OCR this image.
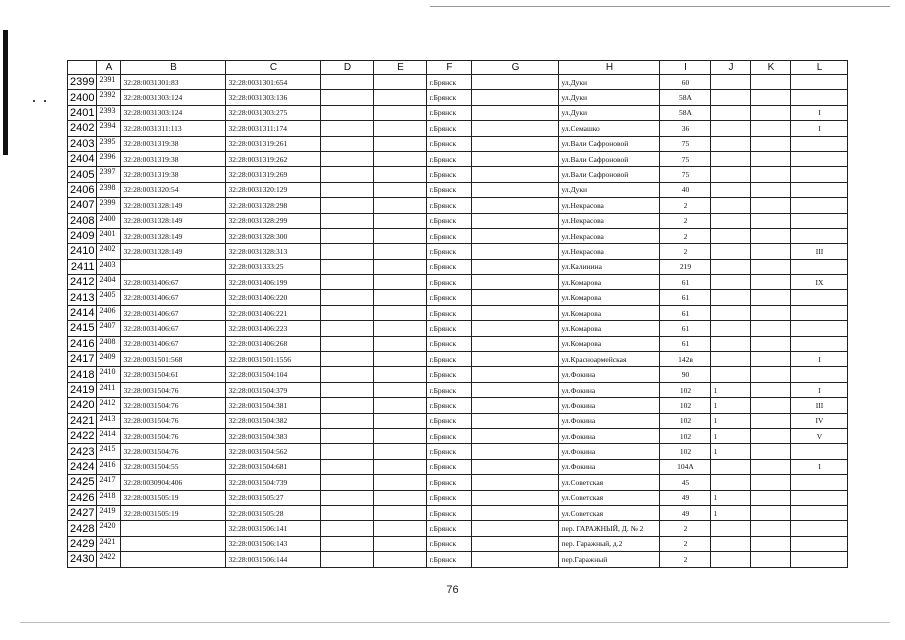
	A	B	C	D	E	F	G	H	I	J	K	L
2399	2391	32:28:0031301:83	32:28:0031301:654			г.Брянск		ул.Дуки	60			
2400	2392	32:28:0031303:124	32:28:0031303:136			г.Брянск		ул.Дуки	58А			
2401	2393	32:28:0031303:124	32:28:0031303:275			г.Брянск		ул.Дуки	58А			I
2402	2394	32:28:0031311:113	32:28:0031311:174			г.Брянск		ул.Семашко	36			I
2403	2395	32:28:0031319:38	32:28:0031319:261			г.Брянск		ул.Вали Сафроновой	75			
2404	2396	32:28:0031319:38	32:28:0031319:262			г.Брянск		ул.Вали Сафроновой	75			
2405	2397	32:28:0031319:38	32:28:0031319:269			г.Брянск		ул.Вали Сафроновой	75			
2406	2398	32:28:0031320:54	32:28:0031320:129			г.Брянск		ул.Дуки	40			
2407	2399	32:28:0031328:149	32:28:0031328:298			г.Брянск		ул.Некрасова	2			
2408	2400	32:28:0031328:149	32:28:0031328:299			г.Брянск		ул.Некрасова	2			
2409	2401	32:28:0031328:149	32:28:0031328:300			г.Брянск		ул.Некрасова	2			
2410	2402	32:28:0031328:149	32:28:0031328:313			г.Брянск		ул.Некрасова	2			III
2411	2403		32:28:0031333:25			г.Брянск		ул.Калинина	219			
2412	2404	32:28:0031406:67	32:28:0031406:199			г.Брянск		ул.Комарова	61			IX
2413	2405	32:28:0031406:67	32:28:0031406:220			г.Брянск		ул.Комарова	61			
2414	2406	32:28:0031406:67	32:28:0031406:221			г.Брянск		ул.Комарова	61			
2415	2407	32:28:0031406:67	32:28:0031406:223			г.Брянск		ул.Комарова	61			
2416	2408	32:28:0031406:67	32:28:0031406:268			г.Брянск		ул.Комарова	61			
2417	2409	32:28:0031501:568	32:28:0031501:1556			г.Брянск		ул.Красноармейская	142в			I
2418	2410	32:28:0031504:61	32:28:0031504:104			г.Брянск		ул.Фокина	90			
2419	2411	32:28:0031504:76	32:28:0031504:379			г.Брянск		ул.Фокина	102	1		I
2420	2412	32:28:0031504:76	32:28:0031504:381			г.Брянск		ул.Фокина	102	1		III
2421	2413	32:28:0031504:76	32:28:0031504:382			г.Брянск		ул.Фокина	102	1		IV
2422	2414	32:28:0031504:76	32:28:0031504:383			г.Брянск		ул.Фокина	102	1		V
2423	2415	32:28:0031504:76	32:28:0031504:562			г.Брянск		ул.Фокина	102	1		
2424	2416	32:28:0031504:55	32:28:0031504:681			г.Брянск		ул.Фокина	104А			I
2425	2417	32:28:0030904:406	32:28:0031504:739			г.Брянск		ул.Советская	45			
2426	2418	32:28:0031505:19	32:28:0031505:27			г.Брянск		ул.Советская	49	1		
2427	2419	32:28:0031505:19	32:28:0031505:28			г.Брянск		ул.Советская	49	1		
2428	2420		32:28:0031506:141			г.Брянск		пер. ГАРАЖНЫЙ, Д. № 2	2			
2429	2421		32:28:0031506:143			г.Брянск		пер. Гаражный, д.2	2			
2430	2422		32:28:0031506:144			г.Брянск		пер.Гаражный	2			
76
